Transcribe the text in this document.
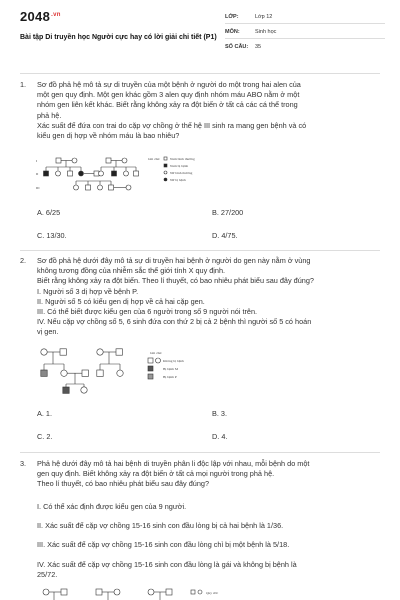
$2048^{.vn}$
Bài tập Di truyền học Người cực hay có lời giải chi tiết (P1)
LỚP:	Lớp 12
MÔN:	Sinh học
SỐ CÂU: 35
1. Sơ đồ phả hệ mô tả sự di truyền của một bệnh ở người do một trong hai alen của

một gen quy định. Một gen khác gồm 3 alen quy định nhóm máu ABO nằm ở một

nhóm gen liên kết khác. Biết rằng không xảy ra đột biến ở tất cả các cá thể trong

phả hệ.

Xác suất để đứa con trai do cặp vợ chồng ở thế hệ III sinh ra mang gen bệnh và có

kiểu gen dị hợp về nhóm máu là bao nhiêu?

Ghi chú:	Nam bình thường
Nam bị bệnh
Nữ bình thường
Nữ bị bệnh
I
II
III
A. 6/25	B. 27/200
C. 13/30.	D. 4/75.
2. Sơ đồ phả hệ dưới đây mô tả sự di truyền hai bệnh ở người do gen này nằm ở vùng

không tương đồng của nhiễm sắc thể giới tính X quy định.

Biết rằng không xảy ra đột biến. Theo lí thuyết, có bao nhiêu phát biểu sau đây đúng?

I. Người số 3 dị hợp về bệnh P.

II. Người số 5 có kiểu gen dị hợp về cả hai cặp gen.

III. Có thể biết được kiểu gen của 6 người trong số 9 người nói trên.

IV. Nếu cặp vợ chồng số 5, 6 sinh đứa con thứ 2 bị cả 2 bệnh thì người số 5 có hoán

vị gen.

Ghi chú:
Không bị bệnh
Bị bệnh M
Bị bệnh P
A. 1.	B. 3.
C. 2.	D. 4.
3. Phả hệ dưới đây mô tả hai bệnh di truyền phân li độc lập với nhau, mỗi bệnh do một

gen quy định. Biết không xảy ra đột biến ở tất cả mọi người trong phả hệ.

Theo lí thuyết, có bao nhiêu phát biểu sau đây đúng?

I. Có thể xác định được kiểu gen của 9 người.

II. Xác suất để cặp vợ chồng 15-16 sinh con đầu lòng bị cả hai bệnh là 1/36.

III. Xác suất để cặp vợ chồng 15-16 sinh con đầu lòng chỉ bị một bệnh là 5/18.

IV. Xác suất để cặp vợ chồng 15-16 sinh con đầu lòng là gái và không bị bệnh là

25/72.

Quy ước
